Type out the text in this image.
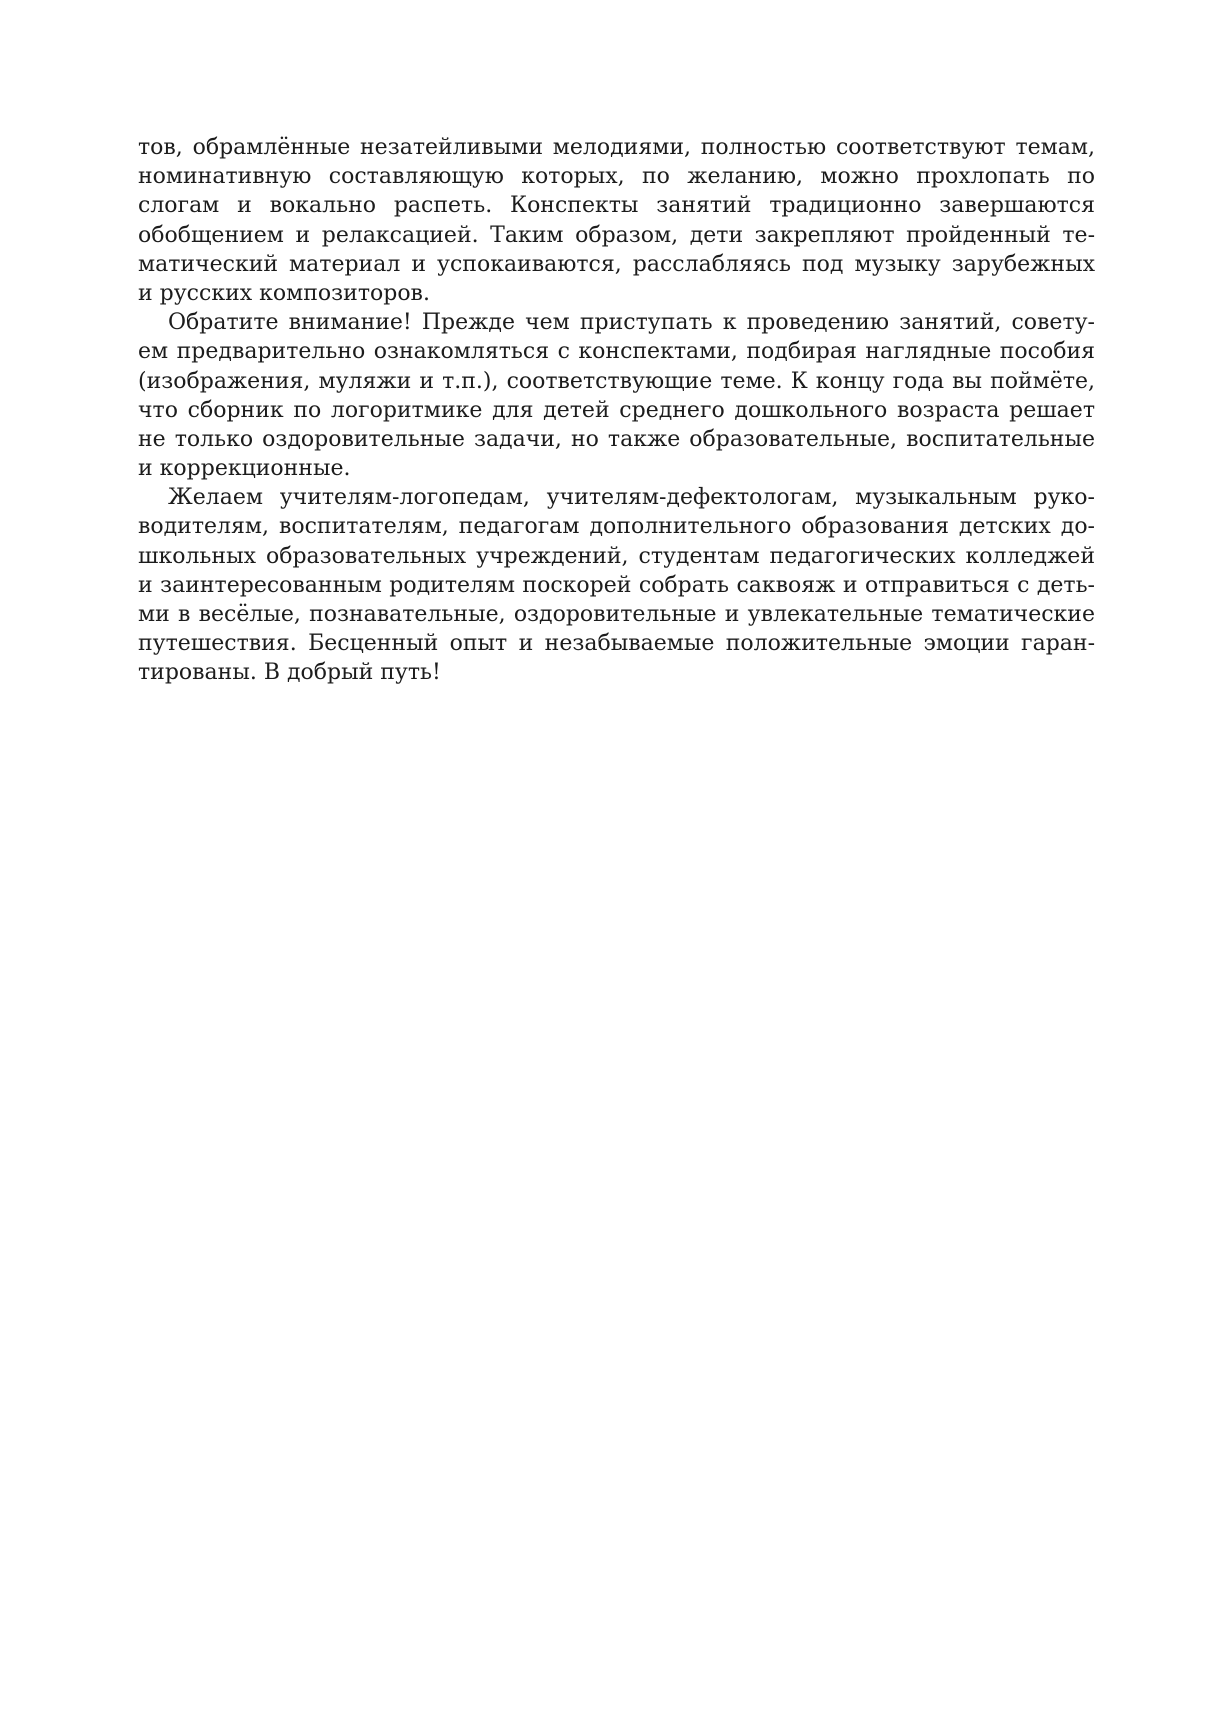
тов, обрамлённые незатейливыми мелодиями, полностью соответствуют темам,
номинативную составляющую которых, по желанию, можно прохлопать по
слогам и вокально распеть. Конспекты занятий традиционно завершаются
обобщением и релаксацией. Таким образом, дети закрепляют пройденный те-
матический материал и успокаиваются, расслабляясь под музыку зарубежных
и русских композиторов.
Обратите внимание! Прежде чем приступать к проведению занятий, совету-
ем предварительно ознакомляться с конспектами, подбирая наглядные пособия
(изображения, муляжи и т.п.), соответствующие теме. К концу года вы поймёте,
что сборник по логоритмике для детей среднего дошкольного возраста решает
не только оздоровительные задачи, но также образовательные, воспитательные
и коррекционные.
Желаем учителям-логопедам, учителям-дефектологам, музыкальным руко-
водителям, воспитателям, педагогам дополнительного образования детских до-
школьных образовательных учреждений, студентам педагогических колледжей
и заинтересованным родителям поскорей собрать саквояж и отправиться с деть-
ми в весёлые, познавательные, оздоровительные и увлекательные тематические
путешествия. Бесценный опыт и незабываемые положительные эмоции гаран-
тированы. В добрый путь!
